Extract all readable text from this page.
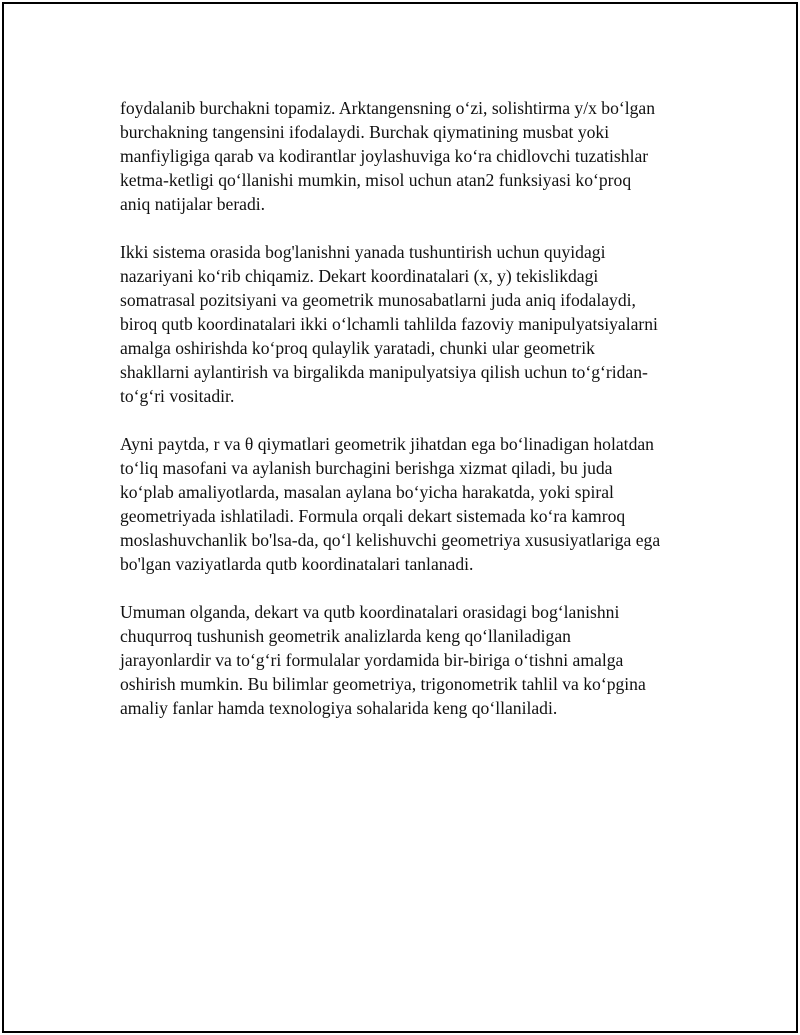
foydalanib burchakni topamiz. Arktangensning o‘zi, solishtirma y/x bo‘lgan
burchakning tangensini ifodalaydi. Burchak qiymatining musbat yoki
manfiyligiga qarab va kodirantlar joylashuviga ko‘ra chidlovchi tuzatishlar
ketma-ketligi qo‘llanishi mumkin, misol uchun atan2 funksiyasi ko‘proq
aniq natijalar beradi.

Ikki sistema orasida bog'lanishni yanada tushuntirish uchun quyidagi
nazariyani ko‘rib chiqamiz. Dekart koordinatalari (x, y) tekislikdagi
somatrasal pozitsiyani va geometrik munosabatlarni juda aniq ifodalaydi,
biroq qutb koordinatalari ikki o‘lchamli tahlilda fazoviy manipulyatsiyalarni
amalga oshirishda ko‘proq qulaylik yaratadi, chunki ular geometrik
shakllarni aylantirish va birgalikda manipulyatsiya qilish uchun to‘g‘ridan-
to‘g‘ri vositadir.

Ayni paytda, r va θ qiymatlari geometrik jihatdan ega bo‘linadigan holatdan
to‘liq masofani va aylanish burchagini berishga xizmat qiladi, bu juda
ko‘plab amaliyotlarda, masalan aylana bo‘yicha harakatda, yoki spiral
geometriyada ishlatiladi. Formula orqali dekart sistemada ko‘ra kamroq
moslashuvchanlik bo'lsa-da, qo‘l kelishuvchi geometriya xususiyatlariga ega
bo'lgan vaziyatlarda qutb koordinatalari tanlanadi.

Umuman olganda, dekart va qutb koordinatalari orasidagi bog‘lanishni
chuqurroq tushunish geometrik analizlarda keng qo‘llaniladigan
jarayonlardir va to‘g‘ri formulalar yordamida bir-biriga o‘tishni amalga
oshirish mumkin. Bu bilimlar geometriya, trigonometrik tahlil va ko‘pgina
amaliy fanlar hamda texnologiya sohalarida keng qo‘llaniladi.
